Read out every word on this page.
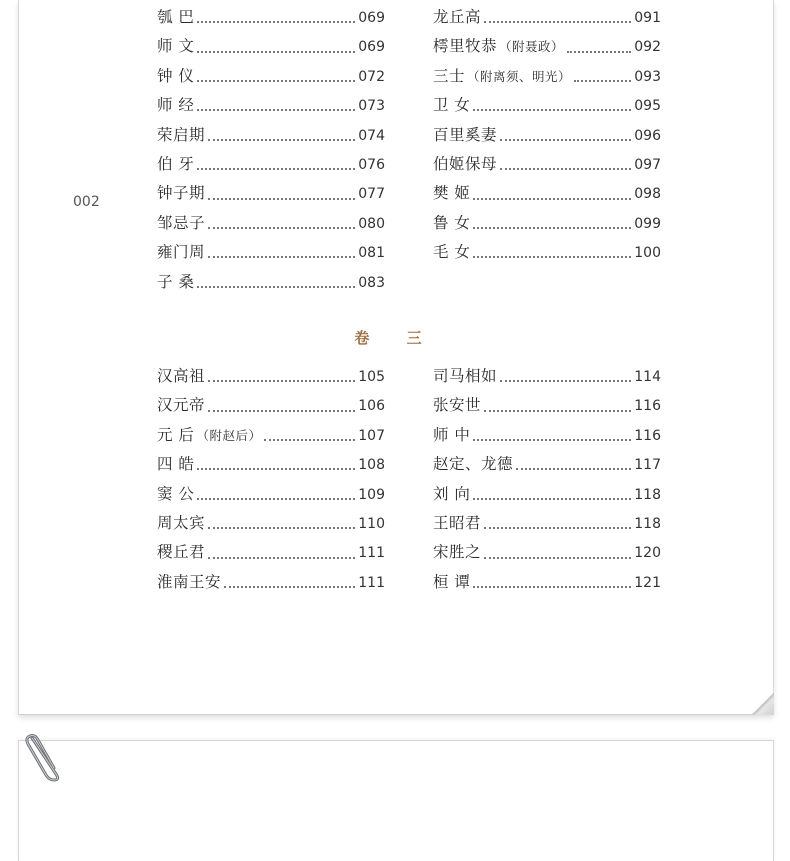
002
瓠 巴	069
师 文	069
钟 仪	072
师 经	073
荣启期	074
伯 牙	076
钟子期	077
邹忌子	080
雍门周	081
子 桑	083
龙丘高	091
樗里牧恭 （附聂政）	092
三士 （附离须、明光）	093
卫 女	095
百里奚妻	096
伯姬保母	097
樊 姬	098
鲁 女	099
毛 女	100
卷 三
汉高祖	105
汉元帝	106
元 后 （附赵后）	107
四 皓	108
窦 公	109
周太宾	110
稷丘君	111
淮南王安	111
司马相如	114
张安世	116
师 中	116
赵定、龙德	117
刘 向	118
王昭君	118
宋胜之	120
桓 谭	121
